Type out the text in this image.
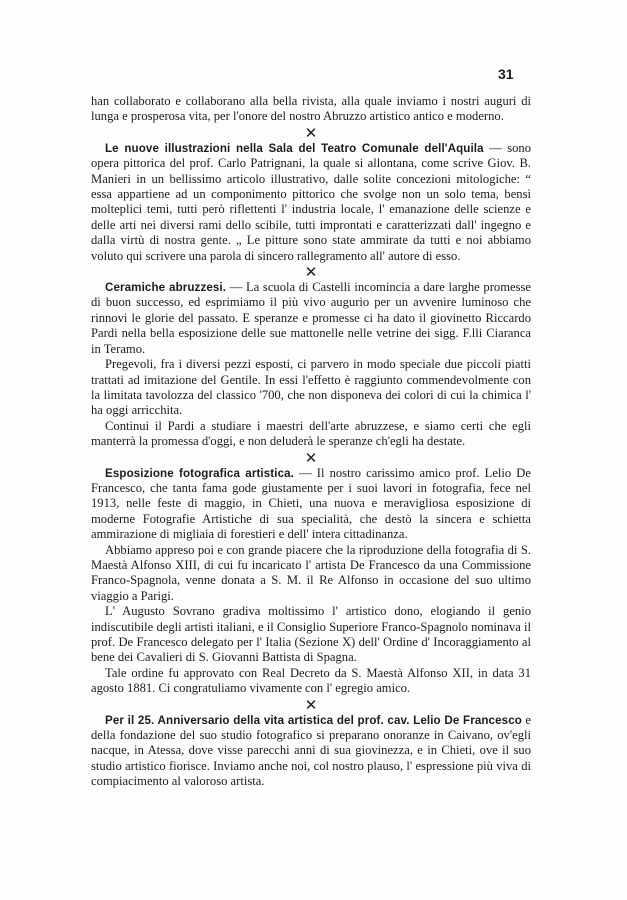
31

han collaborato e collaborano alla bella rivista, alla quale inviamo i nostri auguri di lunga e prosperosa vita, per l'onore del nostro Abruzzo artistico antico e moderno.

✕

Le nuove illustrazioni nella Sala del Teatro Comunale dell'Aquila — sono opera pittorica del prof. Carlo Patrignani, la quale si allontana, come scrive Giov. B. Manieri in un bellissimo articolo illustrativo, dalle solite concezioni mitologiche: “ essa appartiene ad un componimento pittorico che svolge non un solo tema, bensì molteplici temi, tutti però riflettenti l' industria locale, l' emanazione delle scienze e delle arti nei diversi rami dello scibile, tutti improntati e caratterizzati dall' ingegno e dalla virtù di nostra gente. „ Le pitture sono state ammirate da tutti e noi abbiamo voluto qui scrivere una parola di sincero rallegramento all' autore di esso.

✕

Ceramiche abruzzesi. — La scuola di Castelli incomincia a dare larghe promesse di buon successo, ed esprimiamo il più vivo augurio per un avvenire luminoso che rinnovi le glorie del passato. E speranze e promesse ci ha dato il giovinetto Riccardo Pardi nella bella esposizione delle sue mattonelle nelle vetrine dei sigg. F.lli Ciaranca in Teramo.

Pregevoli, fra i diversi pezzi esposti, ci parvero in modo speciale due piccoli piatti trattati ad imitazione del Gentile. In essi l'effetto è raggiunto commendevolmente con la limitata tavolozza del classico '700, che non disponeva dei colori di cui la chimica l' ha oggi arricchita.

Continui il Pardi a studiare i maestri dell'arte abruzzese, e siamo certi che egli manterrà la promessa d'oggi, e non deluderà le speranze ch'egli ha destate.

✕

Esposizione fotografica artistica. — Il nostro carissimo amico prof. Lelio De Francesco, che tanta fama gode giustamente per i suoi lavori in fotografia, fece nel 1913, nelle feste di maggio, in Chieti, una nuova e meravigliosa esposizione di moderne Fotografie Artistiche di sua specialità, che destò la sincera e schietta ammirazione di migliaia di forestieri e dell' intera cittadinanza.

Abbiamo appreso poi e con grande piacere che la riproduzione della fotografia di S. Maestà Alfonso XIII, di cui fu incaricato l' artista De Francesco da una Commissione Franco-Spagnola, venne donata a S. M. il Re Alfonso in occasione del suo ultimo viaggio a Parigi.

L' Augusto Sovrano gradiva moltissimo l' artistico dono, elogiando il genio indiscutibile degli artisti italiani, e il Consiglio Superiore Franco-Spagnolo nominava il prof. De Francesco delegato per l' Italia (Sezione X) dell' Ordine d' Incoraggiamento al bene dei Cavalieri di S. Giovanni Battista di Spagna.

Tale ordine fu approvato con Real Decreto da S. Maestà Alfonso XII, in data 31 agosto 1881. Ci congratuliamo vivamente con l' egregio amico.

✕

Per il 25. Anniversario della vita artistica del prof. cav. Lelio De Francesco e della fondazione del suo studio fotografico si preparano onoranze in Caivano, ov'egli nacque, in Atessa, dove visse parecchi anni di sua giovinezza, e in Chieti, ove il suo studio artistico fiorisce. Inviamo anche noi, col nostro plauso, l' espressione più viva di compiacimento al valoroso artista.
